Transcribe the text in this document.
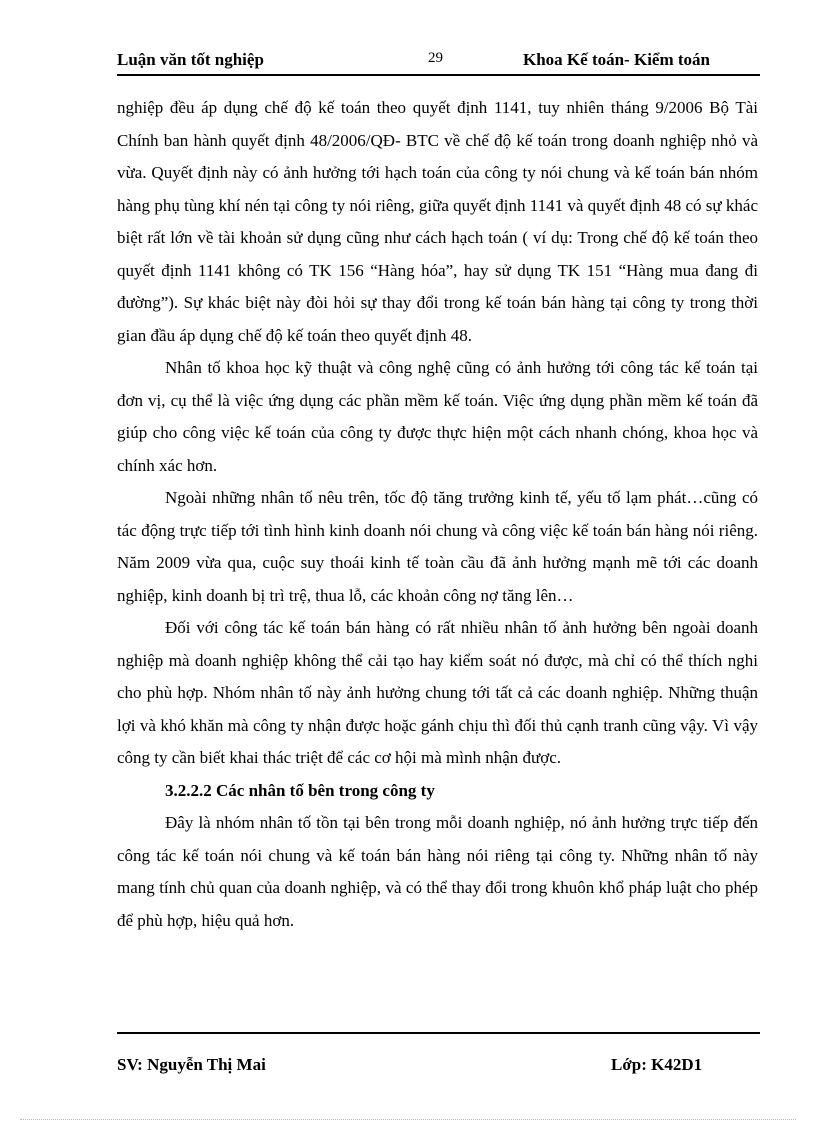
Luận văn tốt nghiệp	29	Khoa Kế toán- Kiểm toán

nghiệp đều áp dụng chế độ kế toán theo quyết định 1141, tuy nhiên tháng 9/2006 Bộ Tài Chính ban hành quyết định 48/2006/QĐ- BTC về chế độ kế toán trong doanh nghiệp nhỏ và vừa. Quyết định này có ảnh hưởng tới hạch toán của công ty nói chung và kế toán bán nhóm hàng phụ tùng khí nén tại công ty nói riêng, giữa quyết định 1141 và quyết định 48 có sự khác biệt rất lớn về tài khoản sử dụng cũng như cách hạch toán ( ví dụ: Trong chế độ kế toán theo quyết định 1141 không có TK 156 “Hàng hóa”, hay sử dụng TK 151 “Hàng mua đang đi đường”). Sự khác biệt này đòi hỏi sự thay đổi trong kế toán bán hàng tại công ty trong thời gian đầu áp dụng chế độ kế toán theo quyết định 48.

Nhân tố khoa học kỹ thuật và công nghệ cũng có ảnh hưởng tới công tác kế toán tại đơn vị, cụ thể là việc ứng dụng các phần mềm kế toán. Việc ứng dụng phần mềm kế toán đã giúp cho công việc kế toán của công ty được thực hiện một cách nhanh chóng, khoa học và chính xác hơn.

Ngoài những nhân tố nêu trên, tốc độ tăng trưởng kinh tế, yếu tố lạm phát…cũng có tác động trực tiếp tới tình hình kinh doanh nói chung và công việc kế toán bán hàng nói riêng. Năm 2009 vừa qua, cuộc suy thoái kinh tế toàn cầu đã ảnh hưởng mạnh mẽ tới các doanh nghiệp, kinh doanh bị trì trệ, thua lỗ, các khoản công nợ tăng lên…

Đối với công tác kế toán bán hàng có rất nhiều nhân tố ảnh hưởng bên ngoài doanh nghiệp mà doanh nghiệp không thể cải tạo hay kiểm soát nó được, mà chỉ có thể thích nghi cho phù hợp. Nhóm nhân tố này ảnh hưởng chung tới tất cả các doanh nghiệp. Những thuận lợi và khó khăn mà công ty nhận được hoặc gánh chịu thì đối thủ cạnh tranh cũng vậy. Vì vậy công ty cần biết khai thác triệt để các cơ hội mà mình nhận được.

3.2.2.2 Các nhân tố bên trong công ty

Đây là nhóm nhân tố tồn tại bên trong mỗi doanh nghiệp, nó ảnh hưởng trực tiếp đến công tác kế toán nói chung và kế toán bán hàng nói riêng tại công ty. Những nhân tố này mang tính chủ quan của doanh nghiệp, và có thể thay đổi trong khuôn khổ pháp luật cho phép để phù hợp, hiệu quả hơn.

SV: Nguyễn Thị Mai	Lớp: K42D1
